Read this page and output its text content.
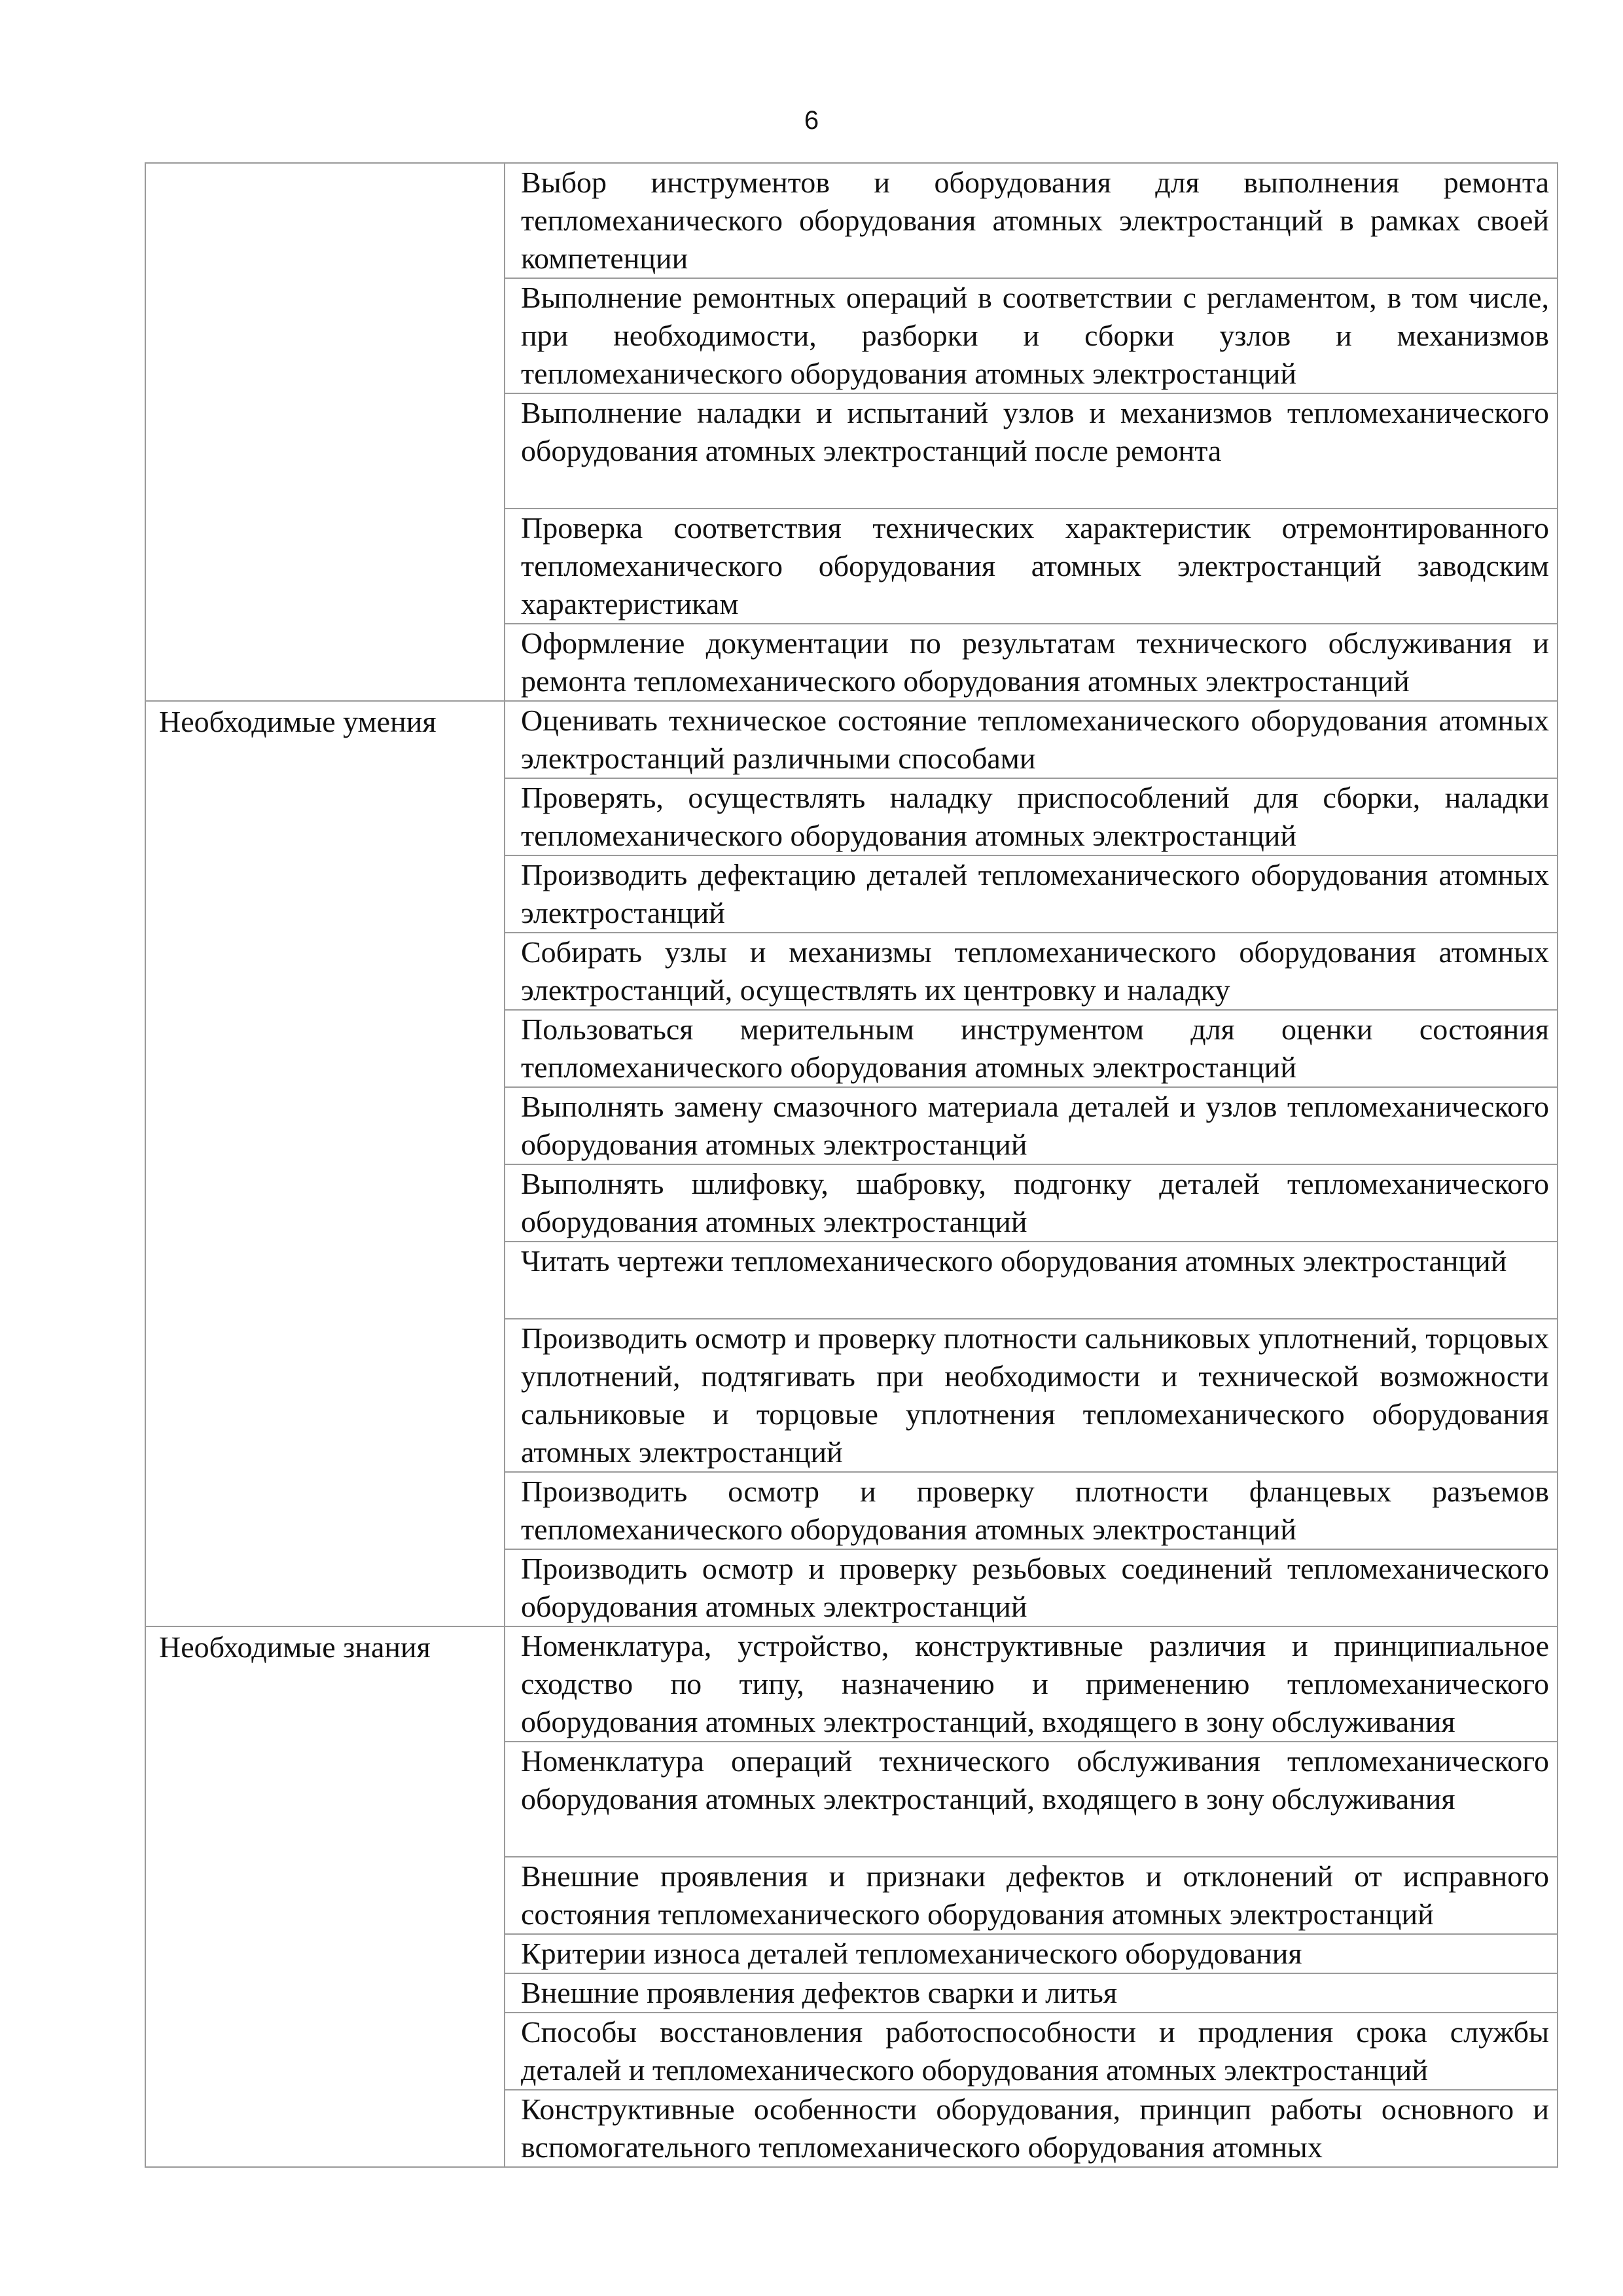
6

	Выбор инструментов и оборудования для выполнения ремонта тепломеханического оборудования атомных электростанций в рамках своей компетенции

	Выполнение ремонтных операций в соответствии с регламентом, в том числе, при необходимости, разборки и сборки узлов и механизмов тепломеханического оборудования атомных электростанций

	Выполнение наладки и испытаний узлов и механизмов тепломеханического оборудования атомных электростанций после ремонта

	Проверка соответствия технических характеристик отремонтированного тепломеханического оборудования атомных электростанций заводским характеристикам

	Оформление документации по результатам технического обслуживания и ремонта тепломеханического оборудования атомных электростанций

Необходимые умения	Оценивать техническое состояние тепломеханического оборудования атомных электростанций различными способами

	Проверять, осуществлять наладку приспособлений для сборки, наладки тепломеханического оборудования атомных электростанций

	Производить дефектацию деталей тепломеханического оборудования атомных электростанций

	Собирать узлы и механизмы тепломеханического оборудования атомных электростанций, осуществлять их центровку и наладку

	Пользоваться мерительным инструментом для оценки состояния тепломеханического оборудования атомных электростанций

	Выполнять замену смазочного материала деталей и узлов тепломеханического оборудования атомных электростанций

	Выполнять шлифовку, шабровку, подгонку деталей тепломеханического оборудования атомных электростанций

	Читать чертежи тепломеханического оборудования атомных электростанций

	Производить осмотр и проверку плотности сальниковых уплотнений, торцовых уплотнений, подтягивать при необходимости и технической возможности сальниковые и торцовые уплотнения тепломеханического оборудования атомных электростанций

	Производить осмотр и проверку плотности фланцевых разъемов тепломеханического оборудования атомных электростанций

	Производить осмотр и проверку резьбовых соединений тепломеханического оборудования атомных электростанций

Необходимые знания	Номенклатура, устройство, конструктивные различия и принципиальное сходство по типу, назначению и применению тепломеханического оборудования атомных электростанций, входящего в зону обслуживания

	Номенклатура операций технического обслуживания тепломеханического оборудования атомных электростанций, входящего в зону обслуживания

	Внешние проявления и признаки дефектов и отклонений от исправного состояния тепломеханического оборудования атомных электростанций

	Критерии износа деталей тепломеханического оборудования

	Внешние проявления дефектов сварки и литья

	Способы восстановления работоспособности и продления срока службы деталей и тепломеханического оборудования атомных электростанций

	Конструктивные особенности оборудования, принцип работы основного и вспомогательного тепломеханического оборудования атомных
